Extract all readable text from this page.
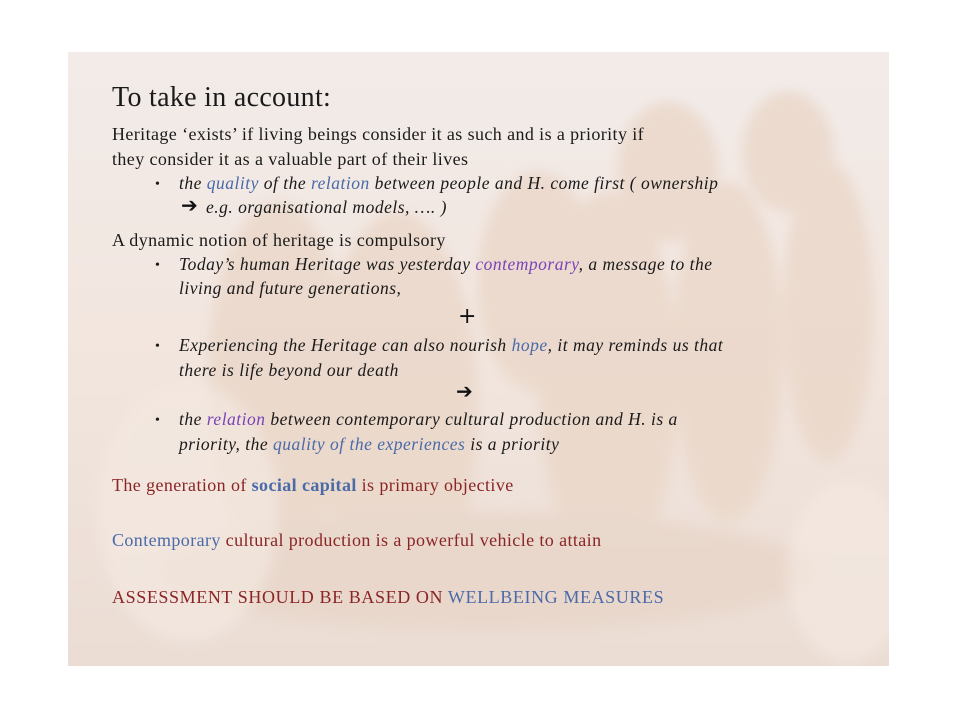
To take in account:
Heritage ‘exists’ if living beings consider it as such and is a priority if
they consider it as a valuable part of their lives
• the quality of the relation between people and H. come first ( ownership
➔ e.g. organisational models, …. )
A dynamic notion of heritage is compulsory
• Today’s human Heritage was yesterday contemporary, a message to the
living and future generations,
+
• Experiencing the Heritage can also nourish hope, it may reminds us that
there is life beyond our death
➔
• the relation between contemporary cultural production and H. is a
priority, the quality of the experiences is a priority
The generation of social capital is primary objective
Contemporary cultural production is a powerful vehicle to attain
ASSESSMENT SHOULD BE BASED ON WELLBEING MEASURES
